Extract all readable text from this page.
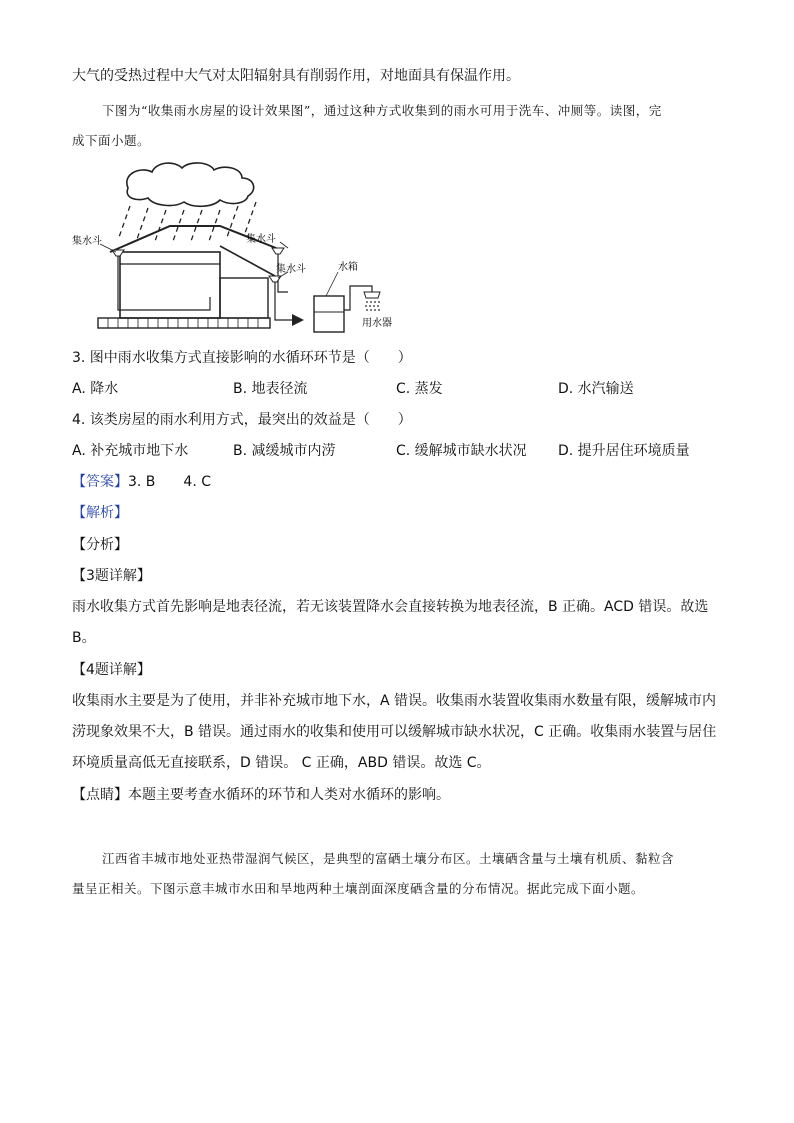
大气的受热过程中大气对太阳辐射具有削弱作用，对地面具有保温作用。
下图为“收集雨水房屋的设计效果图”，通过这种方式收集到的雨水可用于洗车、冲厕等。读图，完
成下面小题。
集水斗	集水斗
集水斗	水箱
用水器
3. 图中雨水收集方式直接影响的水循环环节是（　　）
A. 降水	B. 地表径流	C. 蒸发	D. 水汽输送
4. 该类房屋的雨水利用方式，最突出的效益是（　　）
A. 补充城市地下水	B. 减缓城市内涝	C. 缓解城市缺水状况 D. 提升居住环境质量
【答案】3. B　　4. C
【解析】
【分析】
【3题详解】
雨水收集方式首先影响是地表径流，若无该装置降水会直接转换为地表径流，B 正确。ACD 错误。故选
B。
【4题详解】
收集雨水主要是为了使用，并非补充城市地下水，A 错误。收集雨水装置收集雨水数量有限，缓解城市内
涝现象效果不大，B 错误。通过雨水的收集和使用可以缓解城市缺水状况，C 正确。收集雨水装置与居住
环境质量高低无直接联系，D 错误。 C 正确，ABD 错误。故选 C。
【点睛】本题主要考查水循环的环节和人类对水循环的影响。
江西省丰城市地处亚热带湿润气候区，是典型的富硒土壤分布区。土壤硒含量与土壤有机质、黏粒含
量呈正相关。下图示意丰城市水田和旱地两种土壤剖面深度硒含量的分布情况。据此完成下面小题。
